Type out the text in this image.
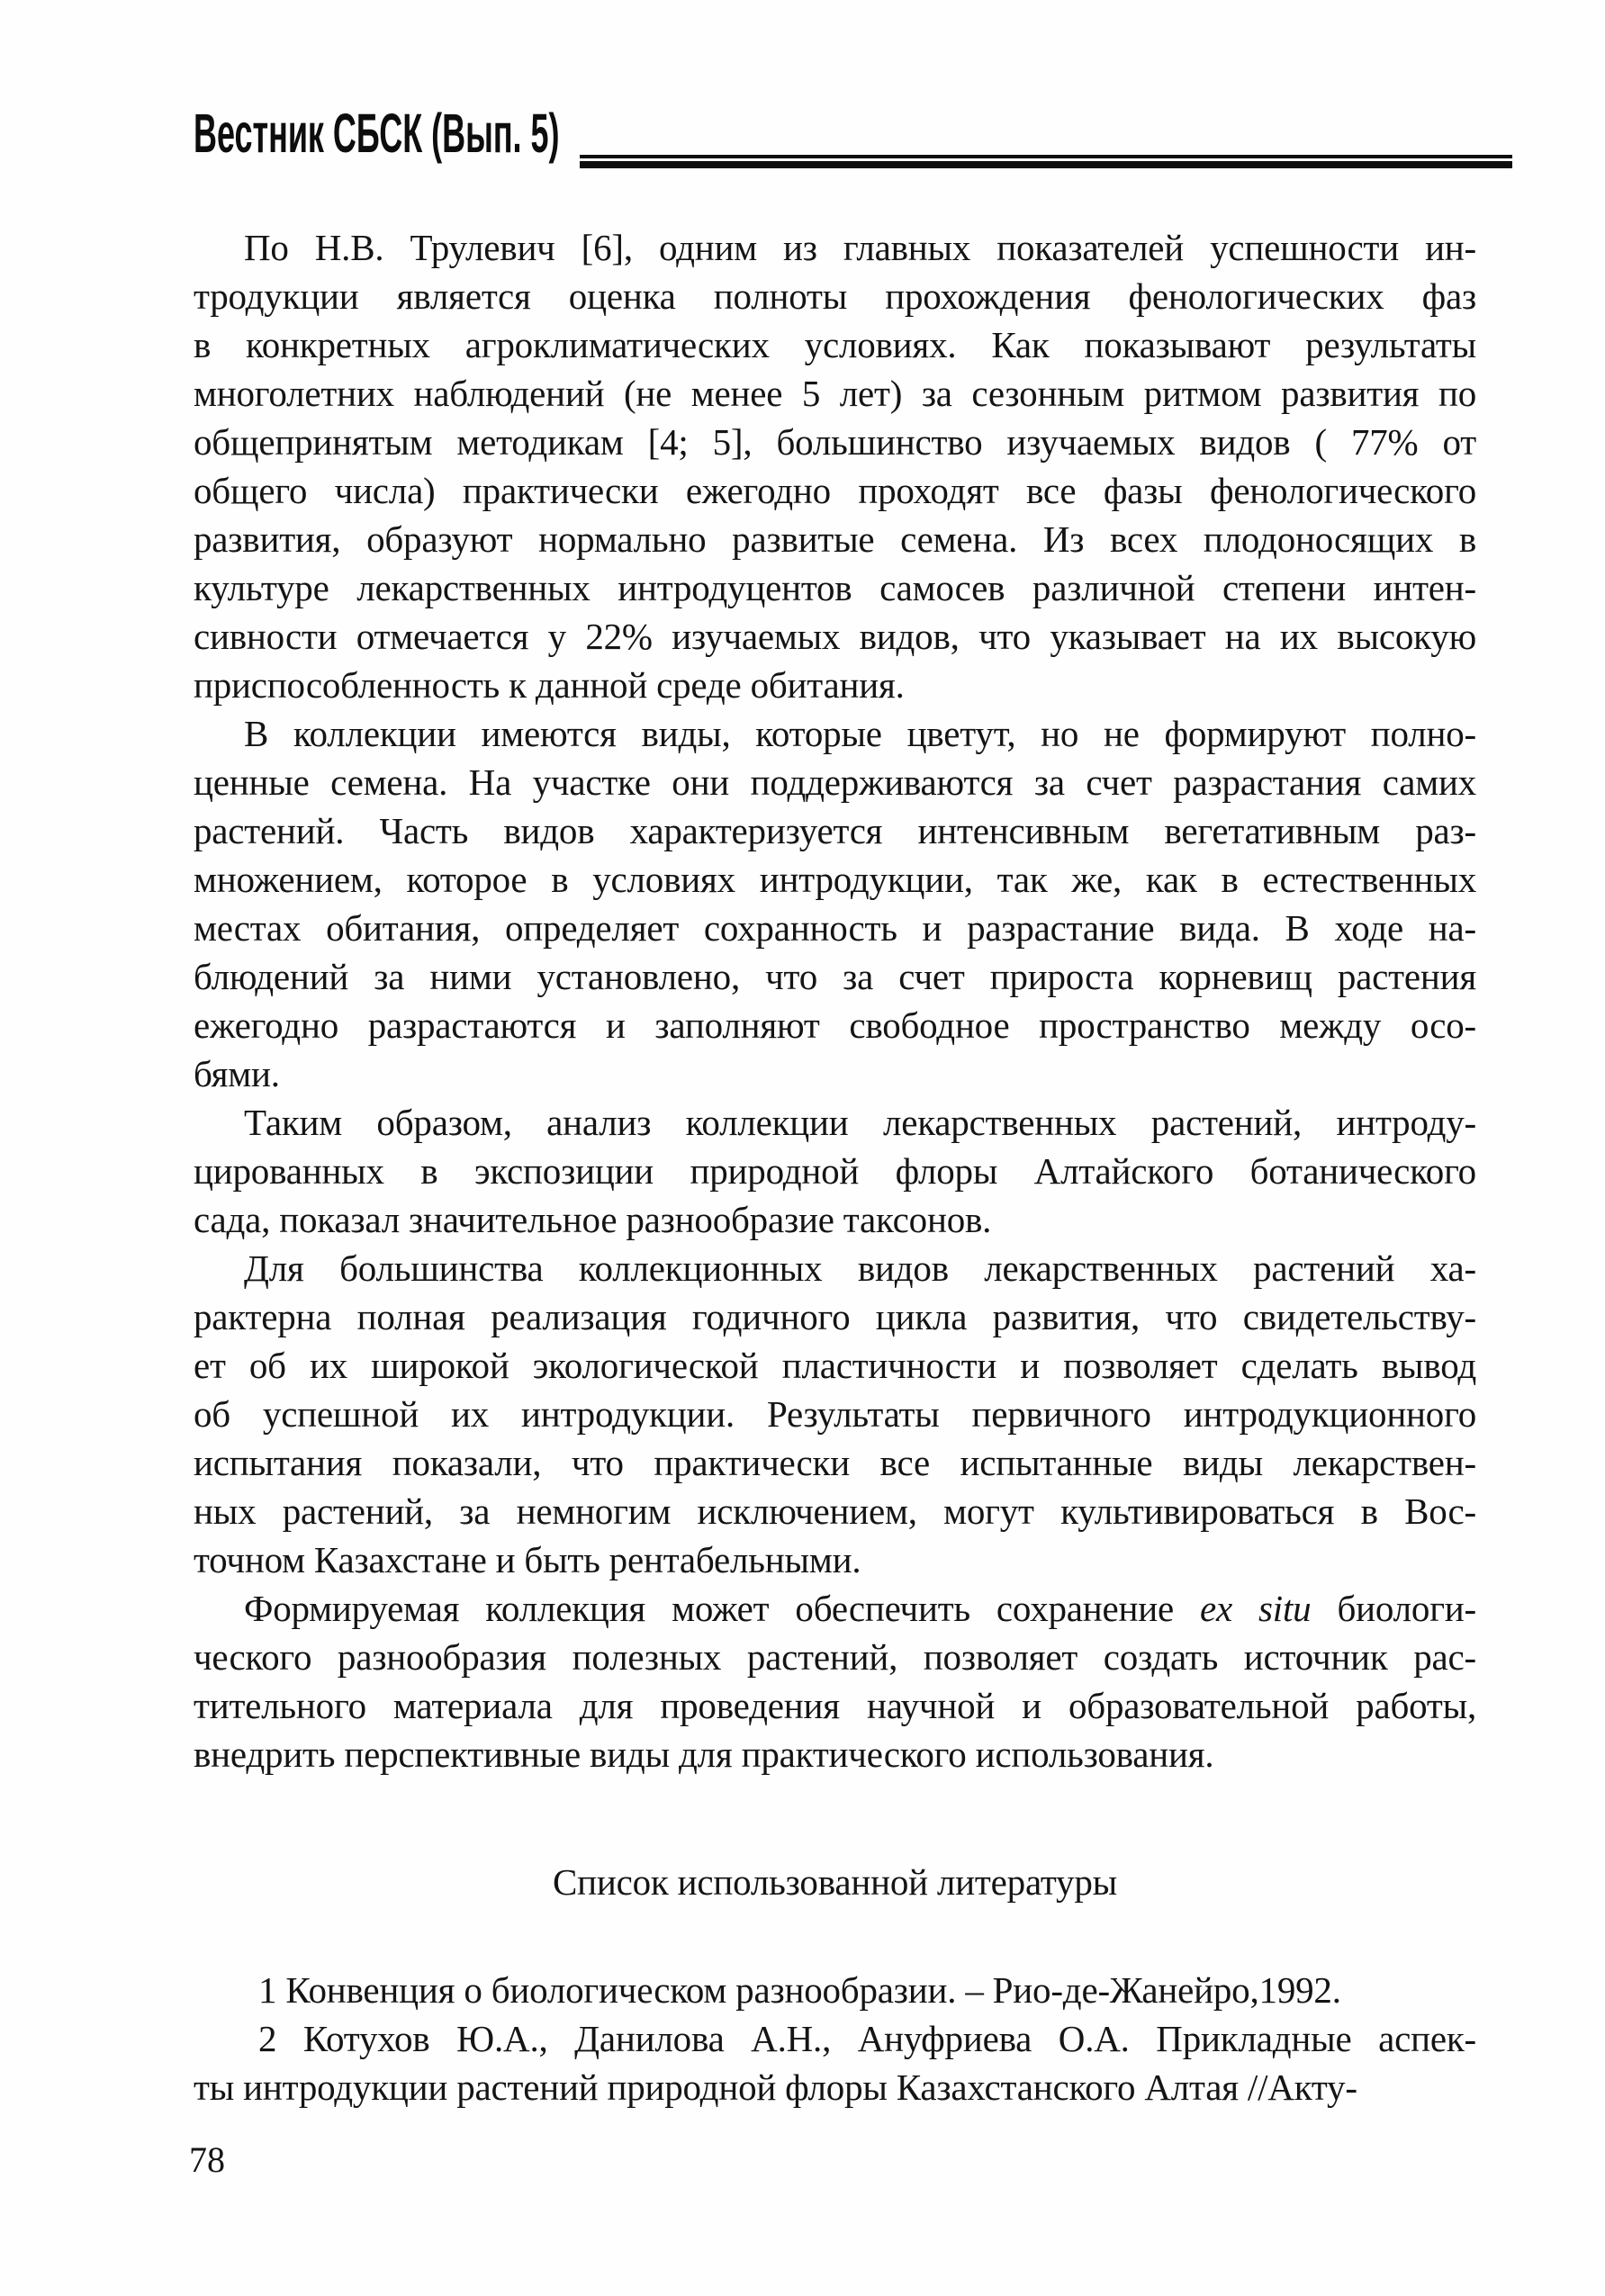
Вестник СБСК (Вып. 5)
По Н.В. Трулевич [6], одним из главных показателей успешности ин-
тродукции является оценка полноты прохождения фенологических фаз
в конкретных агроклиматических условиях. Как показывают результаты
многолетних наблюдений (не менее 5 лет) за сезонным ритмом развития по
общепринятым методикам [4; 5], большинство изучаемых видов ( 77% от
общего числа) практически ежегодно проходят все фазы фенологического
развития, образуют нормально развитые семена. Из всех плодоносящих в
культуре лекарственных интродуцентов самосев различной степени интен-
сивности отмечается у 22% изучаемых видов, что указывает на их высокую
приспособленность к данной среде обитания.
В коллекции имеются виды, которые цветут, но не формируют полно-
ценные семена. На участке они поддерживаются за счет разрастания самих
растений. Часть видов характеризуется интенсивным вегетативным раз-
множением, которое в условиях интродукции, так же, как в естественных
местах обитания, определяет сохранность и разрастание вида. В ходе на-
блюдений за ними установлено, что за счет прироста корневищ растения
ежегодно разрастаются и заполняют свободное пространство между осо-
бями.
Таким образом, анализ коллекции лекарственных растений, интроду-
цированных в экспозиции природной флоры Алтайского ботанического
сада, показал значительное разнообразие таксонов.
Для большинства коллекционных видов лекарственных растений ха-
рактерна полная реализация годичного цикла развития, что свидетельству-
ет об их широкой экологической пластичности и позволяет сделать вывод
об успешной их интродукции. Результаты первичного интродукционного
испытания показали, что практически все испытанные виды лекарствен-
ных растений, за немногим исключением, могут культивироваться в Вос-
точном Казахстане и быть рентабельными.
Формируемая коллекция может обеспечить сохранение ex situ биологи-
ческого разнообразия полезных растений, позволяет создать источник рас-
тительного материала для проведения научной и образовательной работы,
внедрить перспективные виды для практического использования.
Список использованной литературы
1 Конвенция о биологическом разнообразии. – Рио-де-Жанейро,1992.
2 Котухов Ю.А., Данилова А.Н., Ануфриева О.А. Прикладные аспек-
ты интродукции растений природной флоры Казахстанского Алтая //Акту-
78
